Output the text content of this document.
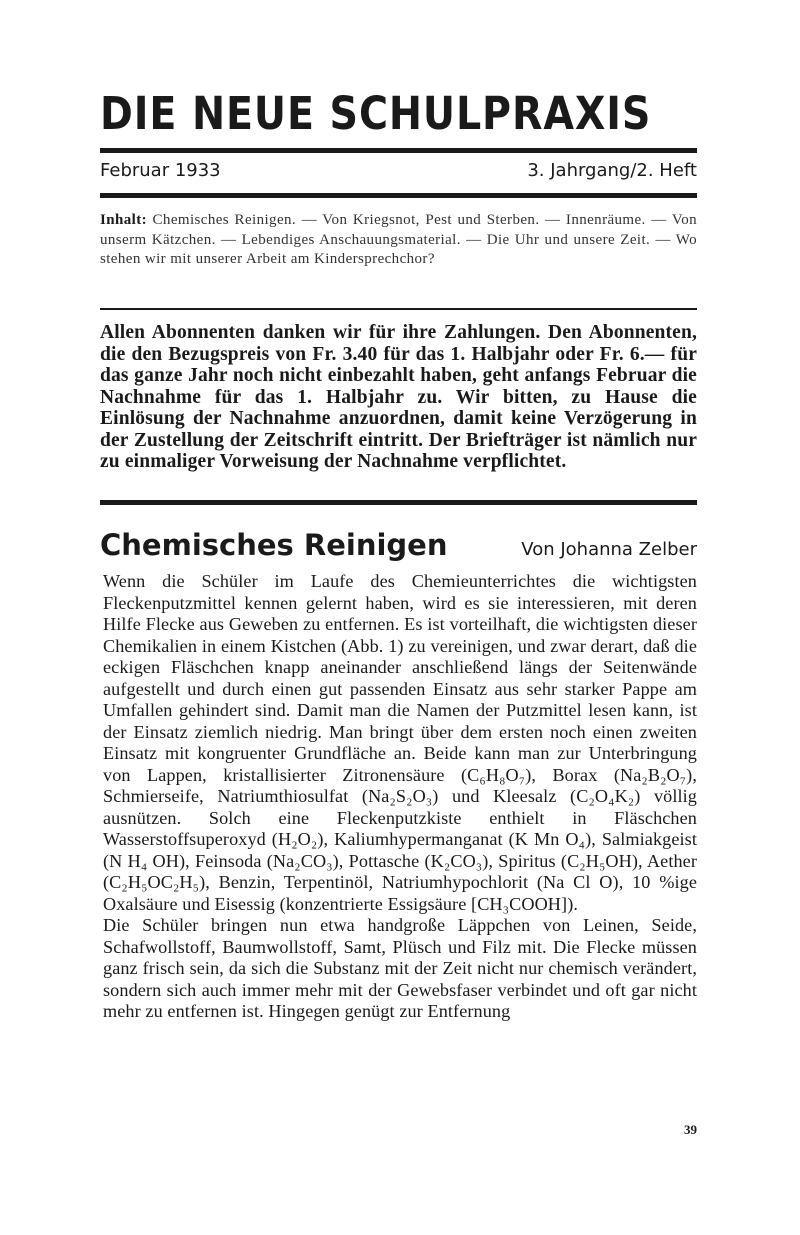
DIE NEUE SCHULPRAXIS
Februar 1933	3. Jahrgang/2. Heft
Inhalt: Chemisches Reinigen. — Von Kriegsnot, Pest und Sterben. — Innenräume. — Von unserm Kätzchen. — Lebendiges Anschauungsmaterial. — Die Uhr und unsere Zeit. — Wo stehen wir mit unserer Arbeit am Kindersprechchor?
Allen Abonnenten danken wir für ihre Zahlungen. Den Abonnenten, die den Bezugspreis von Fr. 3.40 für das 1. Halbjahr oder Fr. 6.— für das ganze Jahr noch nicht einbezahlt haben, geht anfangs Februar die Nachnahme für das 1. Halbjahr zu. Wir bitten, zu Hause die Einlösung der Nachnahme anzuordnen, damit keine Verzögerung in der Zustellung der Zeitschrift eintritt. Der Briefträger ist nämlich nur zu einmaliger Vorweisung der Nachnahme verpflichtet.
Chemisches Reinigen	Von Johanna Zelber

Wenn die Schüler im Laufe des Chemieunterrichtes die wichtigsten Fleckenputzmittel kennen gelernt haben, wird es sie interessieren, mit deren Hilfe Flecke aus Geweben zu entfernen. Es ist vorteilhaft, die wichtigsten dieser Chemikalien in einem Kistchen (Abb. 1) zu vereinigen, und zwar derart, daß die eckigen Fläschchen knapp aneinander anschließend längs der Seitenwände aufgestellt und durch einen gut passenden Einsatz aus sehr starker Pappe am Umfallen gehindert sind. Damit man die Namen der Putzmittel lesen kann, ist der Einsatz ziemlich niedrig. Man bringt über dem ersten noch einen zweiten Einsatz mit kongruenter Grundfläche an. Beide kann man zur Unterbringung von Lappen, kristallisierter Zitronensäure (C₆H₈O₇), Borax (Na₂B₂O₇), Schmierseife, Natriumthiosulfat (Na₂S₂O₃) und Kleesalz (C₂O₄K₂) völlig ausnützen. Solch eine Fleckenputzkiste enthielt in Fläschchen Wasserstoffsuperoxyd (H₂O₂), Kaliumhypermanganat (K Mn O₄), Salmiakgeist (N H₄ OH), Feinsoda (Na₂CO₃), Pottasche (K₂CO₃), Spiritus (C₂H₅OH), Aether (C₂H₅OC₂H₅), Benzin, Terpentinöl, Natriumhypochlorit (Na Cl O), 10 %ige Oxalsäure und Eisessig (konzentrierte Essigsäure [CH₃COOH]).

Die Schüler bringen nun etwa handgroße Läppchen von Leinen, Seide, Schafwollstoff, Baumwollstoff, Samt, Plüsch und Filz mit. Die Flecke müssen ganz frisch sein, da sich die Substanz mit der Zeit nicht nur chemisch verändert, sondern sich auch immer mehr mit der Gewebsfaser verbindet und oft gar nicht mehr zu entfernen ist. Hingegen genügt zur Entfernung

39
